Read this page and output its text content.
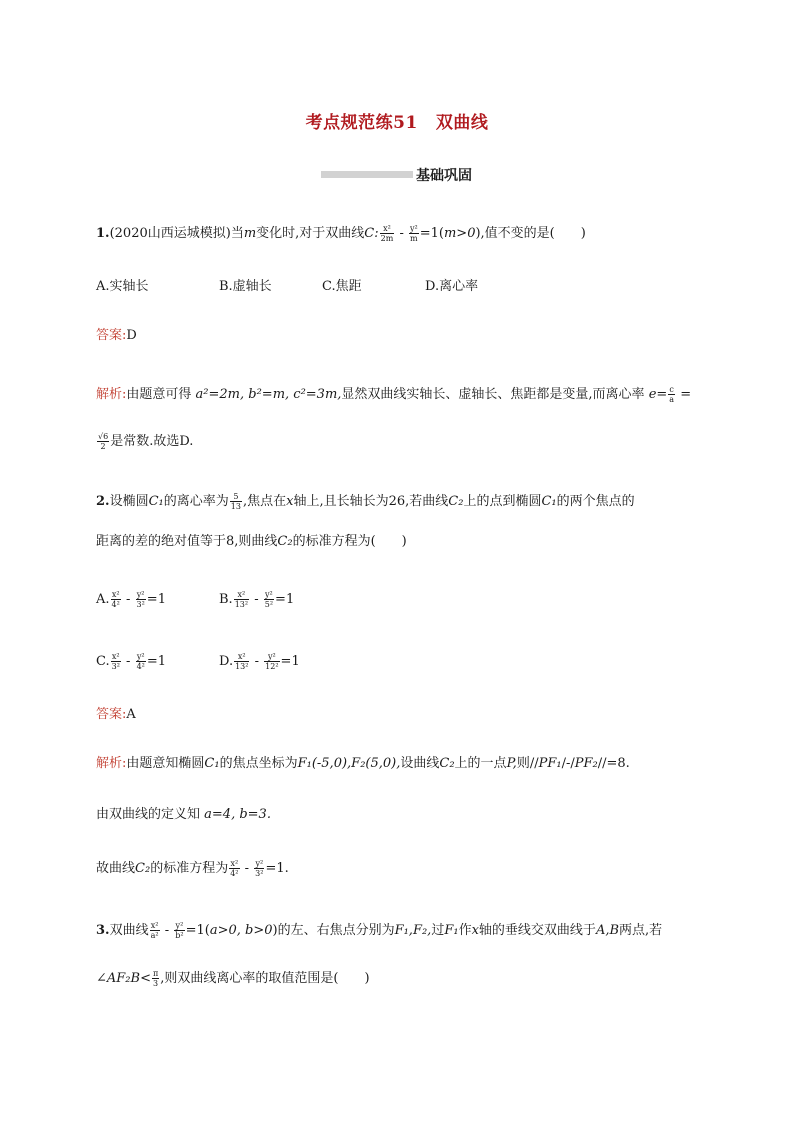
考点规范练51 双曲线
基础巩固
1.(2020山西运城模拟)当m变化时,对于双曲线C: $\frac{\text{x²}}{2m} - \frac{\text{y²}}{m} =1(m>0)$,值不变的是(　　)
A.实轴长	B.虚轴长	C.焦距	D.离心率
答案:D
解析:由题意可得 a²=2m, b²=m, c²=3m,显然双曲线实轴长、虚轴长、焦距都是变量,而离心率 $e= \frac{c}{a}$ =
$\frac{√6}{2}$ 是常数.故选D.
2.设椭圆C₁的离心率为 $\frac{5}{13}$ ,焦点在x轴上,且长轴长为26,若曲线C₂上的点到椭圆C₁的两个焦点的
距离的差的绝对值等于8,则曲线C₂的标准方程为(　　)
A. $\frac{\text{x²}}{\text{4²}} - \frac{\text{y²}}{\text{3²}} =1$	B. $\frac{\text{x²}}{\text{13²}} - \frac{\text{y²}}{\text{5²}} =1$
C. $\frac{\text{x²}}{\text{3²}} - \frac{\text{y²}}{\text{4²}} =1$	D. $\frac{\text{x²}}{\text{13²}} - \frac{\text{y²}}{\text{12²}} =1$
答案:A
解析:由题意知椭圆C₁的焦点坐标为F₁(-5,0),F₂(5,0),设曲线C₂上的一点P,则//PF₁/-/PF₂//=8.
由双曲线的定义知 a=4, b=3.
故曲线C₂的标准方程为 $\frac{\text{x²}}{\text{4²}} - \frac{\text{y²}}{\text{3²}} =1$.
3.双曲线 $\frac{\text{x²}}{\text{a²}} - \frac{\text{y²}}{\text{b²}} =1(a>0$, b>0)的左、右焦点分别为F₁,F₂,过F₁作x轴的垂线交双曲线于A,B两点,若
∠AF₂B< $\frac{\pi}{3}$ ,则双曲线离心率的取值范围是(　　)
